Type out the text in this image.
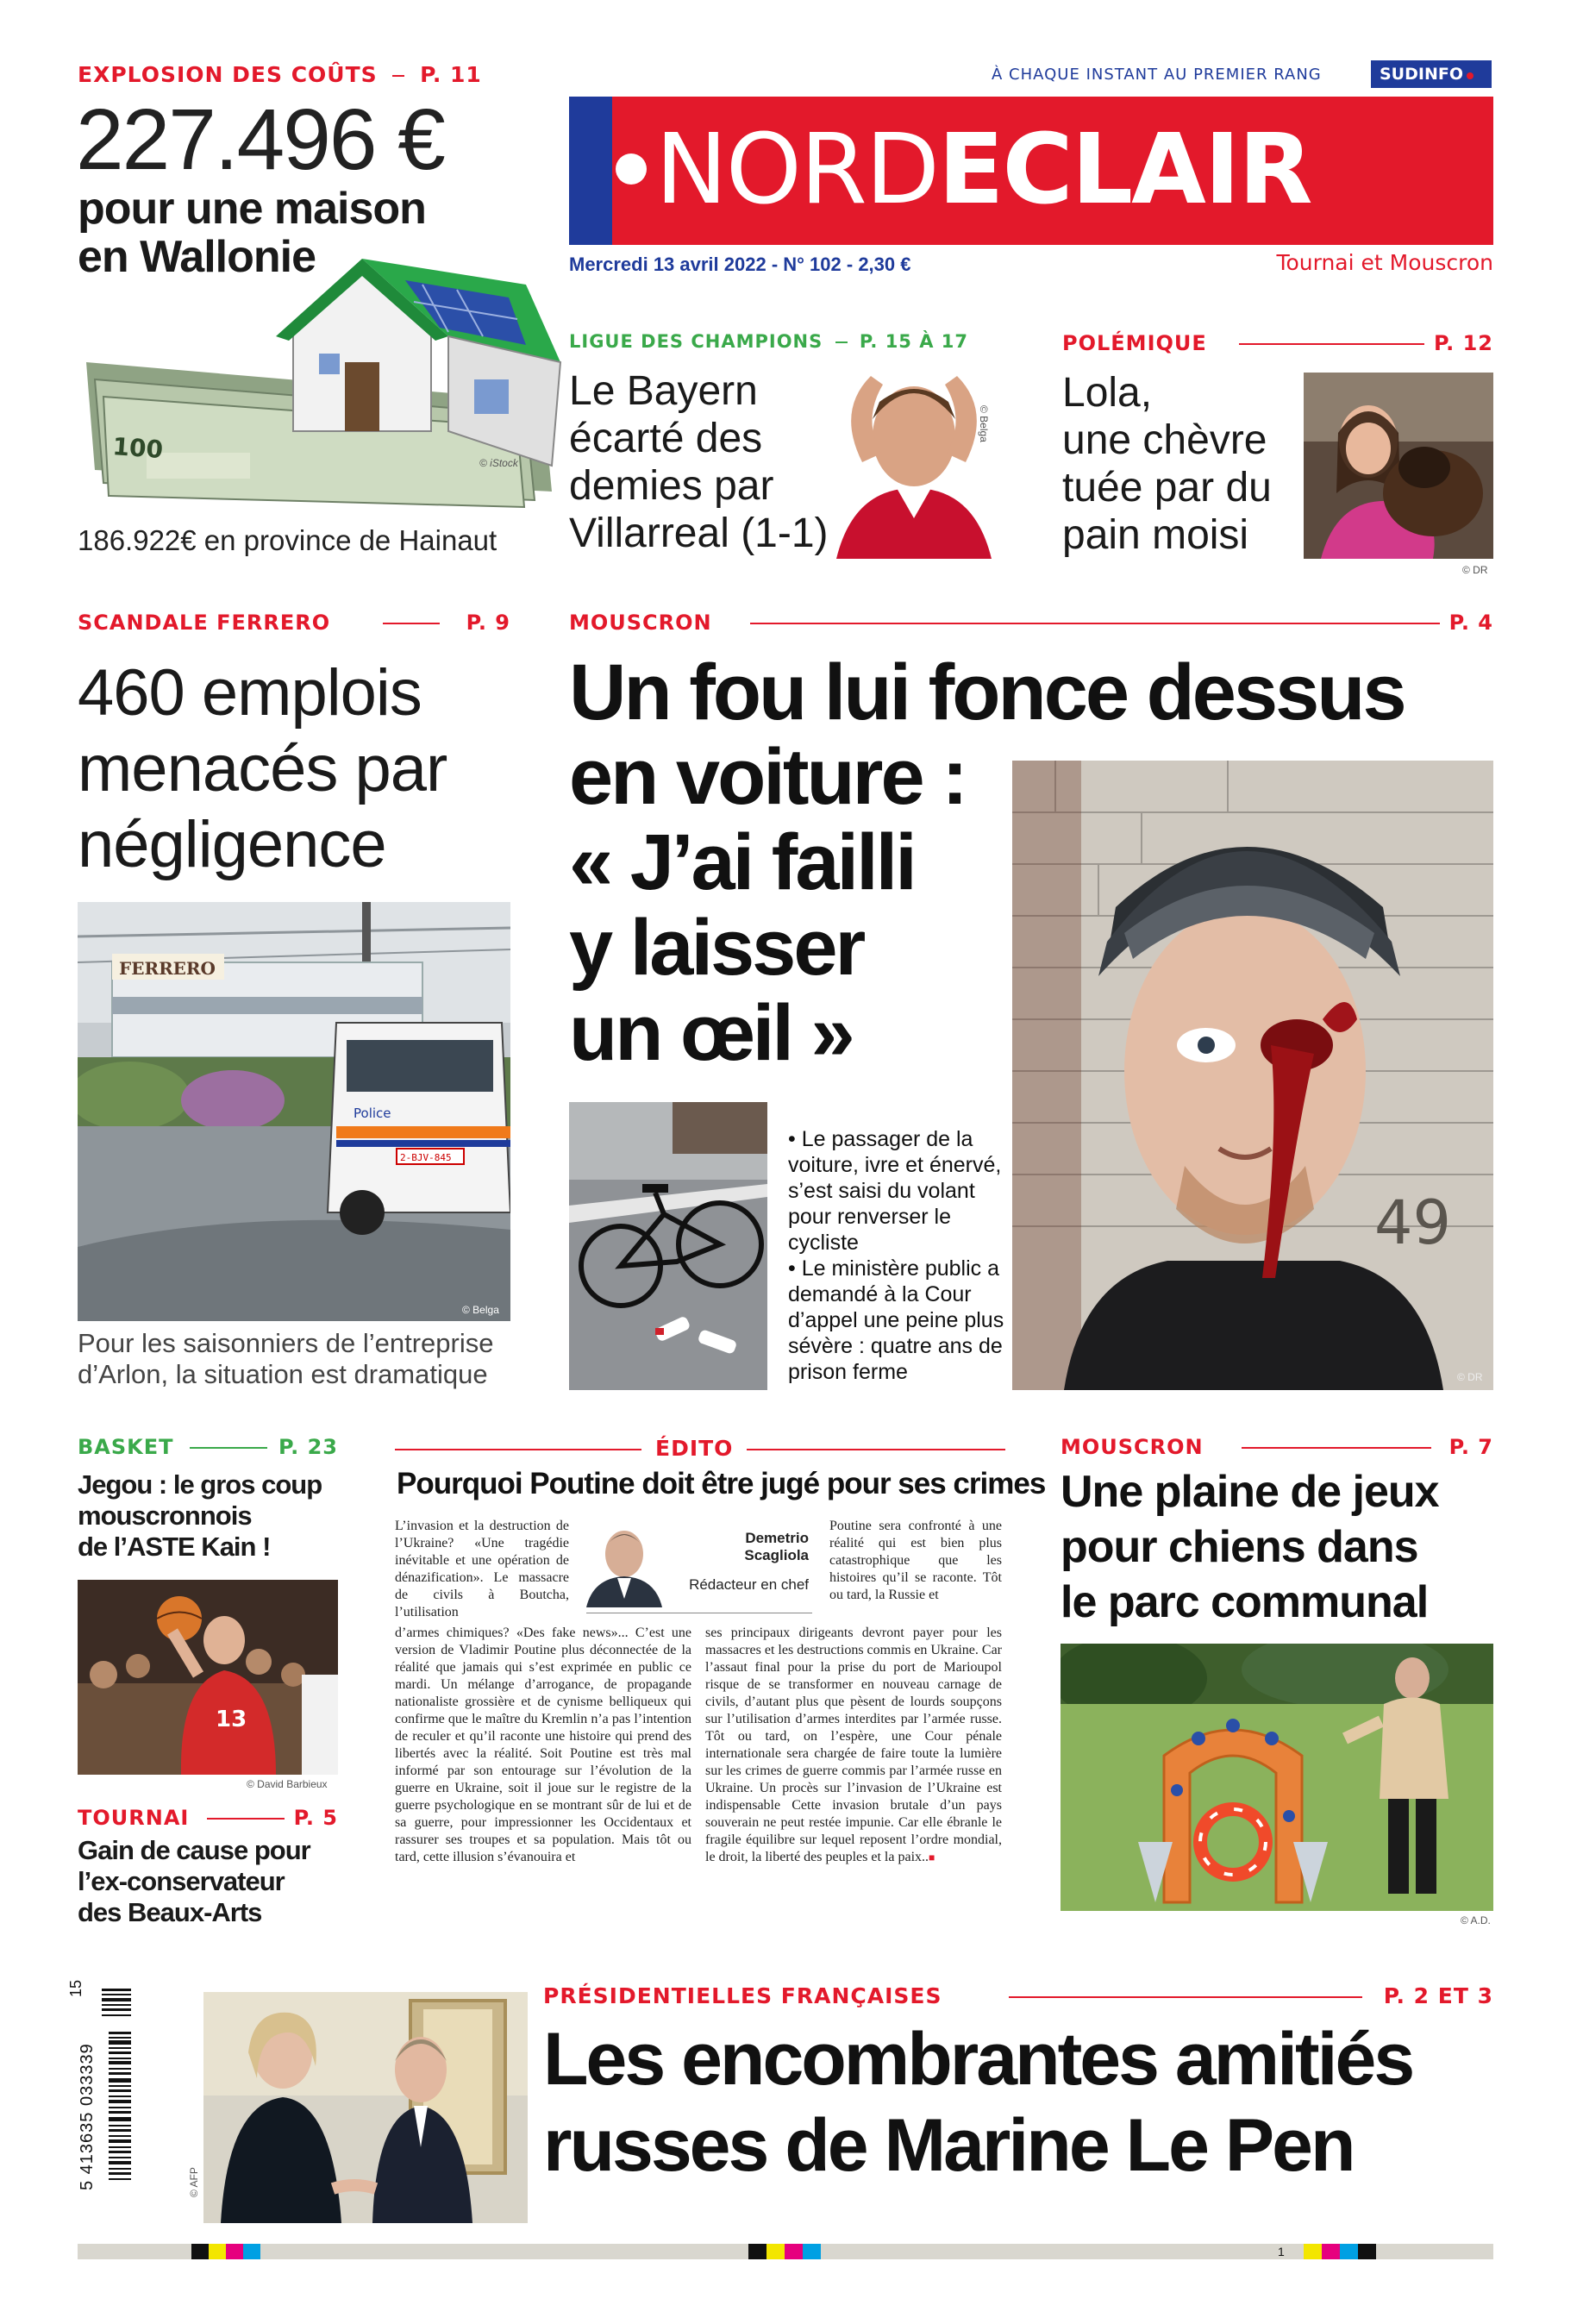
À CHAQUE INSTANT AU PREMIER RANG	SUDINFO
NORDECLAIR
Mercredi 13 avril 2022 - N° 102 - 2,30 €	Tournai et Mouscron
EXPLOSION DES COÛTS P. 11
227.496 €
pour une maison
en Wallonie
100	© iStock
186.922€ en province de Hainaut
LIGUE DES CHAMPIONS P. 15 À 17
Le Bayern
écarté des
demies par
Villarreal (1-1)
© Belga
POLÉMIQUE	P. 12
Lola,
une chèvre
tuée par du
pain moisi
© DR
SCANDALE FERRERO	P. 9
460 emplois
menacés par
négligence
FERRERO
Police
2-BJV-845
© Belga
Pour les saisonniers de l’entreprise
d’Arlon, la situation est dramatique
MOUSCRON	P. 4
Un fou lui fonce dessus
en voiture :
« J’ai failli
y laisser
un œil »
• Le passager de la voiture, ivre et énervé, s’est saisi du volant pour renverser le cycliste
• Le ministère public a demandé à la Cour d’appel une peine plus sévère : quatre ans de prison ferme
49
© DR
BASKET	P. 23
Jegou : le gros coup
mouscronnois
de l’ASTE Kain !
13
© David Barbieux
TOURNAI	P. 5
Gain de cause pour
l’ex-conservateur
des Beaux-Arts
ÉDITO
Pourquoi Poutine doit être jugé pour ses crimes
L’invasion et la destruction de l’Ukraine? «Une tragédie inévitable et une opération de dénazification». Le massacre de civils à Boutcha, l’utilisation
Demetrio
Scagliola
Rédacteur en chef
Poutine sera confronté à une réalité qui est bien plus catastrophique que les histoires qu’il se raconte. Tôt ou tard, la Russie et
d’armes chimiques? «Des fake news»... C’est une version de Vladimir Poutine plus déconnectée de la réalité que jamais qui s’est exprimée en public ce mardi. Un mélange d’arrogance, de propagande nationaliste grossière et de cynisme belliqueux qui confirme que le maître du Kremlin n’a pas l’intention de reculer et qu’il raconte une histoire qui prend des libertés avec la réalité. Soit Poutine est très mal informé par son entourage sur l’évolution de la guerre en Ukraine, soit il joue sur le registre de la guerre psychologique en se montrant sûr de lui et de sa guerre, pour impressionner les Occidentaux et rassurer ses troupes et sa population. Mais tôt ou tard, cette illusion s’évanouira et
ses principaux dirigeants devront payer pour les massacres et les destructions commis en Ukraine. Car l’assaut final pour la prise du port de Marioupol risque de se transformer en nouveau carnage de civils, d’autant plus que pèsent de lourds soupçons sur l’utilisation d’armes interdites par l’armée russe. Tôt ou tard, on l’espère, une Cour pénale internationale sera chargée de faire toute la lumière sur les crimes de guerre commis par l’armée russe en Ukraine. Un procès sur l’invasion de l’Ukraine est indispensable Cette invasion brutale d’un pays souverain ne peut restée impunie. Car elle ébranle le fragile équilibre sur lequel reposent l’ordre mondial, le droit, la liberté des peuples et la paix..■
MOUSCRON	P. 7
Une plaine de jeux
pour chiens dans
le parc communal
© A.D.
15
5 413635 033339	© AFP
PRÉSIDENTIELLES FRANÇAISES	P. 2 ET 3
Les encombrantes amitiés
russes de Marine Le Pen
1
